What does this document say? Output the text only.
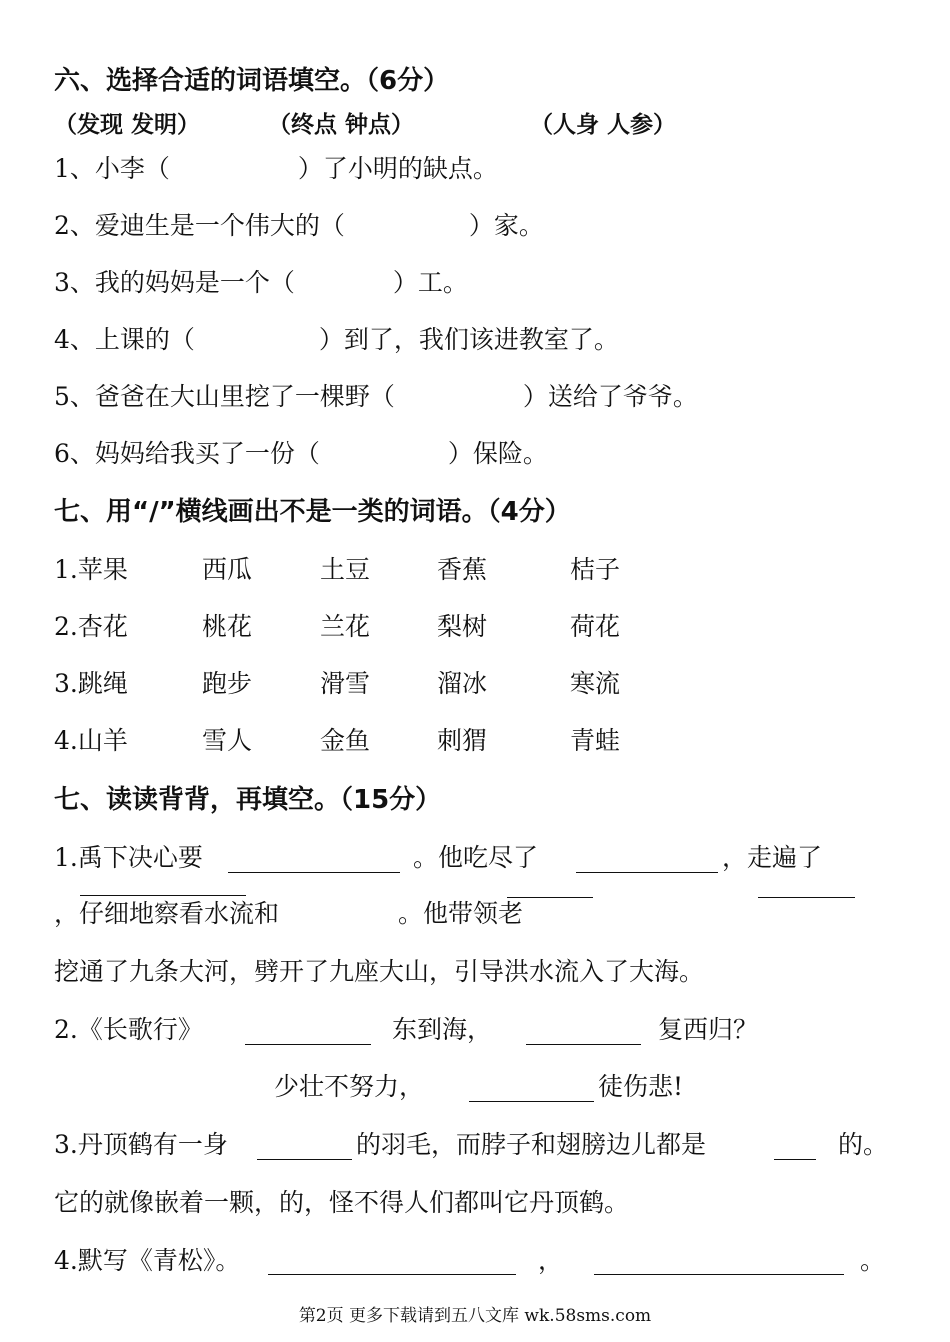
六、选择合适的词语填空。（6分）
（发现 发明）	（终点 钟点）	（人身 人参）
1、小李（	）了小明的缺点。
2、爱迪生是一个伟大的（	）家。
3、我的妈妈是一个（	）工。
4、上课的（	）到了，我们该进教室了。
5、爸爸在大山里挖了一棵野（	）送给了爷爷。
6、妈妈给我买了一份（	）保险。
七、用“/”横线画出不是一类的词语。（4分）
1.苹果	西瓜	土豆	香蕉	桔子
2.杏花	桃花	兰花	梨树	荷花
3.跳绳	跑步	滑雪	溜冰	寒流
4.山羊	雪人	金鱼	刺猬	青蛙
七、读读背背，再填空。（15分）
1.禹下决心要	。他吃尽了	，走遍了
，仔细地察看水流和	。他带领老
挖通了九条大河，劈开了九座大山，引导洪水流入了大海。
2.《长歌行》	东到海，	复西归？
少壮不努力，	徒伤悲!
3.丹顶鹤有一身	的羽毛，而脖子和翅膀边儿都是	的。
它的就像嵌着一颗，的，怪不得人们都叫它丹顶鹤。
4.默写《青松》。	，	。
第2页 更多下载请到五八文库 wk.58sms.com
